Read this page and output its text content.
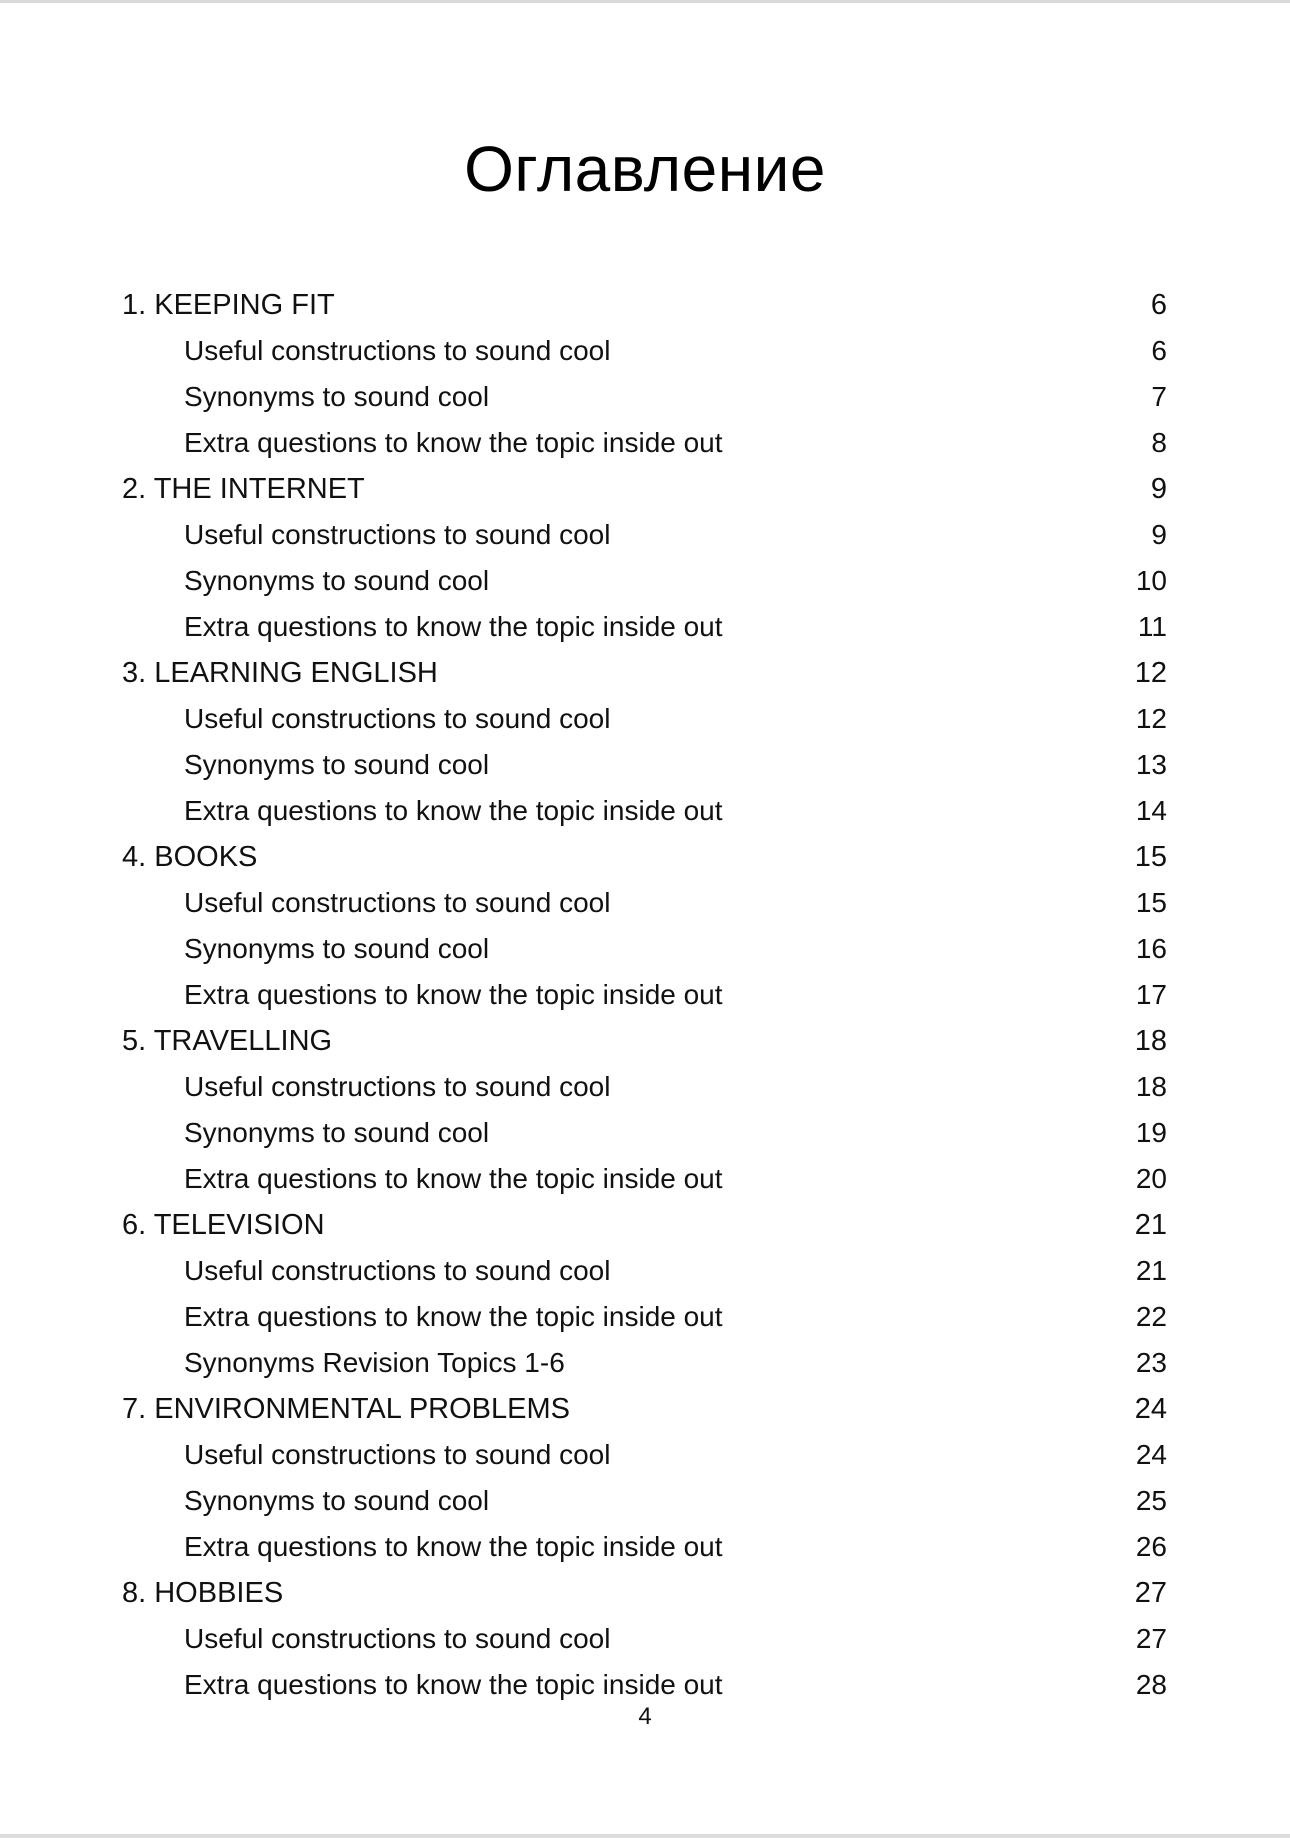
Оглавление
1. KEEPING FIT	6
Useful constructions to sound cool	6
Synonyms to sound cool	7
Extra questions to know the topic inside out	8
2. THE INTERNET	9
Useful constructions to sound cool	9
Synonyms to sound cool	10
Extra questions to know the topic inside out	11
3. LEARNING ENGLISH	12
Useful constructions to sound cool	12
Synonyms to sound cool	13
Extra questions to know the topic inside out	14
4. BOOKS	15
Useful constructions to sound cool	15
Synonyms to sound cool	16
Extra questions to know the topic inside out	17
5. TRAVELLING	18
Useful constructions to sound cool	18
Synonyms to sound cool	19
Extra questions to know the topic inside out	20
6. TELEVISION	21
Useful constructions to sound cool	21
Extra questions to know the topic inside out	22
Synonyms Revision Topics 1-6	23
7. ENVIRONMENTAL PROBLEMS	24
Useful constructions to sound cool	24
Synonyms to sound cool	25
Extra questions to know the topic inside out	26
8. HOBBIES	27
Useful constructions to sound cool	27
Extra questions to know the topic inside out	28
4
